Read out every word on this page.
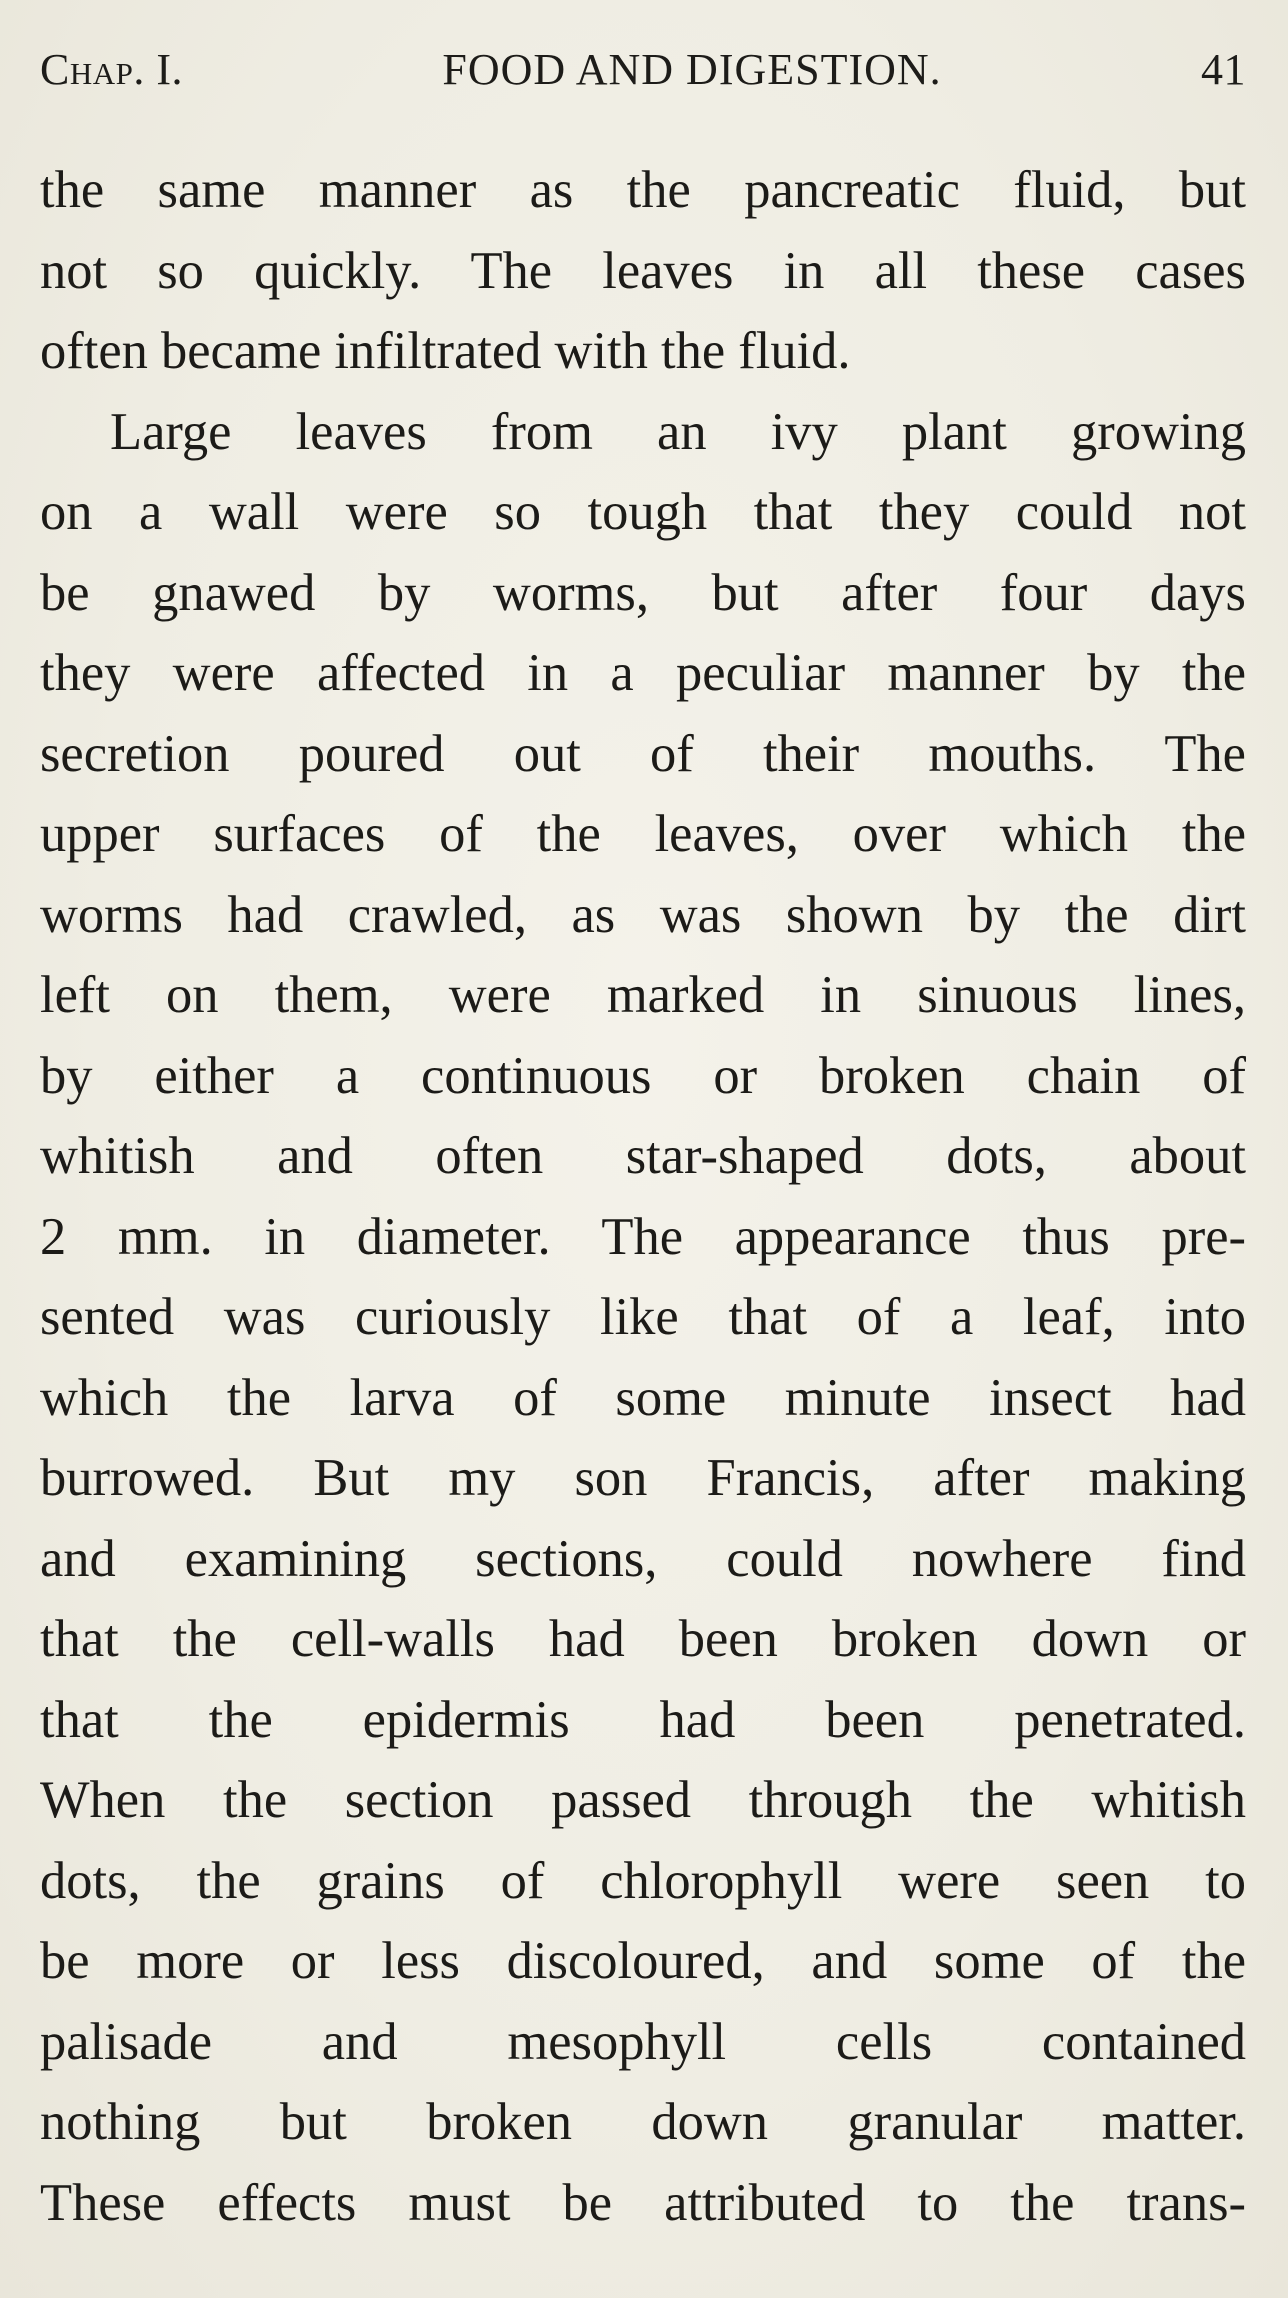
Chap. I.	FOOD AND DIGESTION.	41
the same manner as the pancreatic fluid, but
not so quickly. The leaves in all these cases
often became infiltrated with the fluid.
Large leaves from an ivy plant growing
on a wall were so tough that they could not
be gnawed by worms, but after four days
they were affected in a peculiar manner by the
secretion poured out of their mouths. The
upper surfaces of the leaves, over which the
worms had crawled, as was shown by the dirt
left on them, were marked in sinuous lines,
by either a continuous or broken chain of
whitish and often star-shaped dots, about
2 mm. in diameter. The appearance thus pre-
sented was curiously like that of a leaf, into
which the larva of some minute insect had
burrowed. But my son Francis, after making
and examining sections, could nowhere find
that the cell-walls had been broken down or
that the epidermis had been penetrated.
When the section passed through the whitish
dots, the grains of chlorophyll were seen to
be more or less discoloured, and some of the
palisade and mesophyll cells contained
nothing but broken down granular matter.
These effects must be attributed to the trans-
